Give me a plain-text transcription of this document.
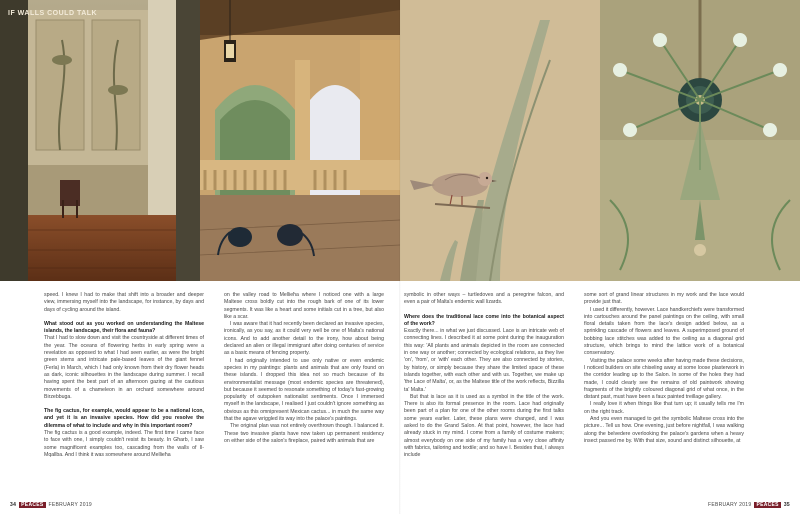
IF WALLS COULD TALK

speed. I knew I had to make that shift into a broader and deeper view, immersing myself into the landscape, for instance, by days and days of cycling around the island.

What stood out as you worked on understanding the Maltese islands, the landscape, their flora and fauna?

That I had to slow down and visit the countryside at different times of the year. The oceans of flowering herbs in early spring were a revelation as opposed to what I had seen earlier, as were the bright green stems and intricate pale-based leaves of the giant fennel (Ferla) in March, which I had only known from their dry flower heads as dark, iconic silhouettes in the landscape during summer. I recall having spent the best part of an afternoon gazing at the cautious movements of a chameleon in an orchard somewhere around Birzebbuga.

The fig cactus, for example, would appear to be a national icon, and yet it is an invasive species. How did you resolve the dilemma of what to include and why in this important room?

The fig cactus is a good example, indeed. The first time I came face to face with one, I simply couldn't resist its beauty. In Għarb, I saw some magnificent examples too, cascading from the walls of Il-Mqallba. And I think it was somewhere around Mellieħa

on the valley road to Mellieħa where I noticed one with a large Maltese cross boldly cut into the rough bark of one of its lower segments. It was like a heart and some initials cut in a tree, but also like a scar.

I was aware that it had recently been declared an invasive species, ironically, as you say, as it could very well be one of Malta's national icons. And to add another detail to the irony, how about being declared an alien or illegal immigrant after doing centuries of service as a basic means of fencing property.

I had originally intended to use only native or even endemic species in my paintings: plants and animals that are only found on these islands. I dropped this idea not so much because of its environmentalist message (most endemic species are threatened), but because it seemed to resonate something of today's fast-growing popularity of outspoken nationalist sentiments. Once I immersed myself in the landscape, I realised I just couldn't ignore something as obvious as this omnipresent Mexican cactus... in much the same way that the agave wriggled its way into the palace's paintings.

The original plan was not entirely overthrown though. I balanced it. These two invasive plants have now taken up permanent residency on either side of the salon's fireplace, paired with animals that are

symbolic in other ways – turtledoves and a peregrine falcon, and even a pair of Malta's endemic wall lizards.

Where does the traditional lace come into the botanical aspect of the work?

Exactly there... in what we just discussed. Lace is an intricate web of connecting lines. I described it at some point during the inauguration this way: 'All plants and animals depicted in the room are connected in one way or another; connected by ecological relations, as they live 'on', 'from', or 'with' each other. They are also connected by stories, by history, or simply because they share the limited space of these islands together, with each other and with us. Together, we make up 'the Lace of Malta', or, as the Maltese title of the work reflects, Bizzilla ta' Malta.'

But that is lace as it is used as a symbol in the title of the work. There is also its formal presence in the room. Lace had originally been part of a plan for one of the other rooms during the first talks some years earlier. Later, these plans were changed, and I was asked to do the Grand Salon. At that point, however, the lace had already stuck in my mind. I come from a family of costume makers; almost everybody on one side of my family has a very close affinity with fabrics, tailoring and textile; and so have I. Besides that, I always include

some sort of grand linear structures in my work and the lace would provide just that.

I used it differently, however. Lace handkerchiefs were transformed into cartouches around the panel paintings on the ceiling, with small floral details taken from the lace's design added below, as a sprinkling cascade of flowers and leaves. A superimposed ground of bobbing lace stitches was added to the ceiling as a diagonal grid structure, which brings to mind the lattice work of a botanical conservatory.

Visiting the palace some weeks after having made these decisions, I noticed builders on site chiseling away at some loose plasterwork in the corridor leading up to the Salon. In some of the holes they had made, I could clearly see the remains of old paintwork showing fragments of the brightly coloured diagonal grid of what once, in the distant past, must have been a faux painted treillage gallery.

I really love it when things like that turn up; it usually tells me I'm on the right track.

And you even managed to get the symbolic Maltese cross into the picture... Tell us how. One evening, just before nightfall, I was walking along the belvedere overlooking the palace's gardens when a heavy insect passed me by. With that size, sound and distinct silhouette, at

34	PEACES	FEBRUARY 2019	FEBRUARY 2019	PEACES	35
